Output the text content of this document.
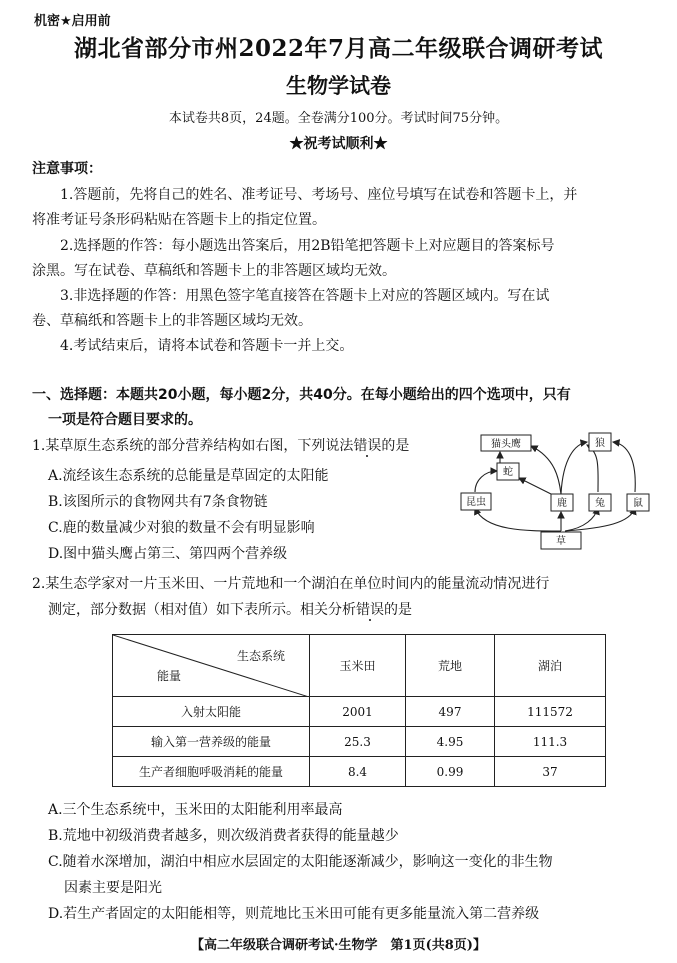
机密★启用前
湖北省部分市州2022年7月高二年级联合调研考试
生物学试卷
本试卷共8页，24题。全卷满分100分。考试时间75分钟。
★祝考试顺利★
注意事项：
1.答题前，先将自己的姓名、准考证号、考场号、座位号填写在试卷和答题卡上，并
将准考证号条形码粘贴在答题卡上的指定位置。
2.选择题的作答：每小题选出答案后，用2B铅笔把答题卡上对应题目的答案标号
涂黑。写在试卷、草稿纸和答题卡上的非答题区域均无效。
3.非选择题的作答：用黑色签字笔直接答在答题卡上对应的答题区域内。写在试
卷、草稿纸和答题卡上的非答题区域均无效。
4.考试结束后，请将本试卷和答题卡一并上交。
一、选择题：本题共20小题，每小题2分，共40分。在每小题给出的四个选项中，只有
一项是符合题目要求的。
1.某草原生态系统的部分营养结构如右图，下列说法错误的是
A.流经该生态系统的总能量是草固定的太阳能
B.该图所示的食物网共有7条食物链
C.鹿的数量减少对狼的数量不会有明显影响
D.图中猫头鹰占第三、第四两个营养级
猫头鹰	狼
蛇
昆虫	鹿	兔	鼠
草
2.某生态学家对一片玉米田、一片荒地和一个湖泊在单位时间内的能量流动情况进行
测定，部分数据（相对值）如下表所示。相关分析错误的是
生态系统
能量	玉米田	荒地	湖泊
入射太阳能	2001	497	111572
输入第一营养级的能量	25.3	4.95	111.3
生产者细胞呼吸消耗的能量	8.4	0.99	37
A.三个生态系统中，玉米田的太阳能利用率最高
B.荒地中初级消费者越多，则次级消费者获得的能量越少
C.随着水深增加，湖泊中相应水层固定的太阳能逐渐减少，影响这一变化的非生物
因素主要是阳光
D.若生产者固定的太阳能相等，则荒地比玉米田可能有更多能量流入第二营养级
【高二年级联合调研考试·生物学　第1页(共8页)】
